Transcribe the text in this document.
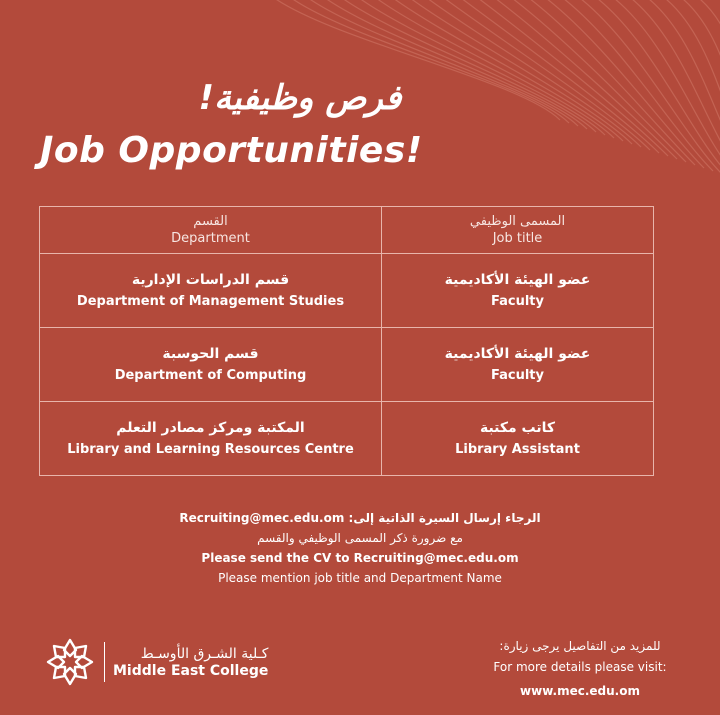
فرص وظيفية!
Job Opportunities!
القسم
Department
المسمى الوظيفي
Job title
قسم الدراسات الإدارية
Department of Management Studies
عضو الهيئة الأكاديمية
Faculty
قسم الحوسبة
Department of Computing
عضو الهيئة الأكاديمية
Faculty
المكتبة ومركز مصادر التعلم
Library and Learning Resources Centre
كاتب مكتبة
Library Assistant
الرجاء إرسال السيرة الذاتية إلى: Recruiting@mec.edu.om
مع ضرورة ذكر المسمى الوظيفي والقسم
Please send the CV to Recruiting@mec.edu.om
Please mention job title and Department Name
كـلية الشـرق الأوسـط
Middle East College
للمزيد من التفاصيل يرجى زيارة:
For more details please visit:
www.mec.edu.om
